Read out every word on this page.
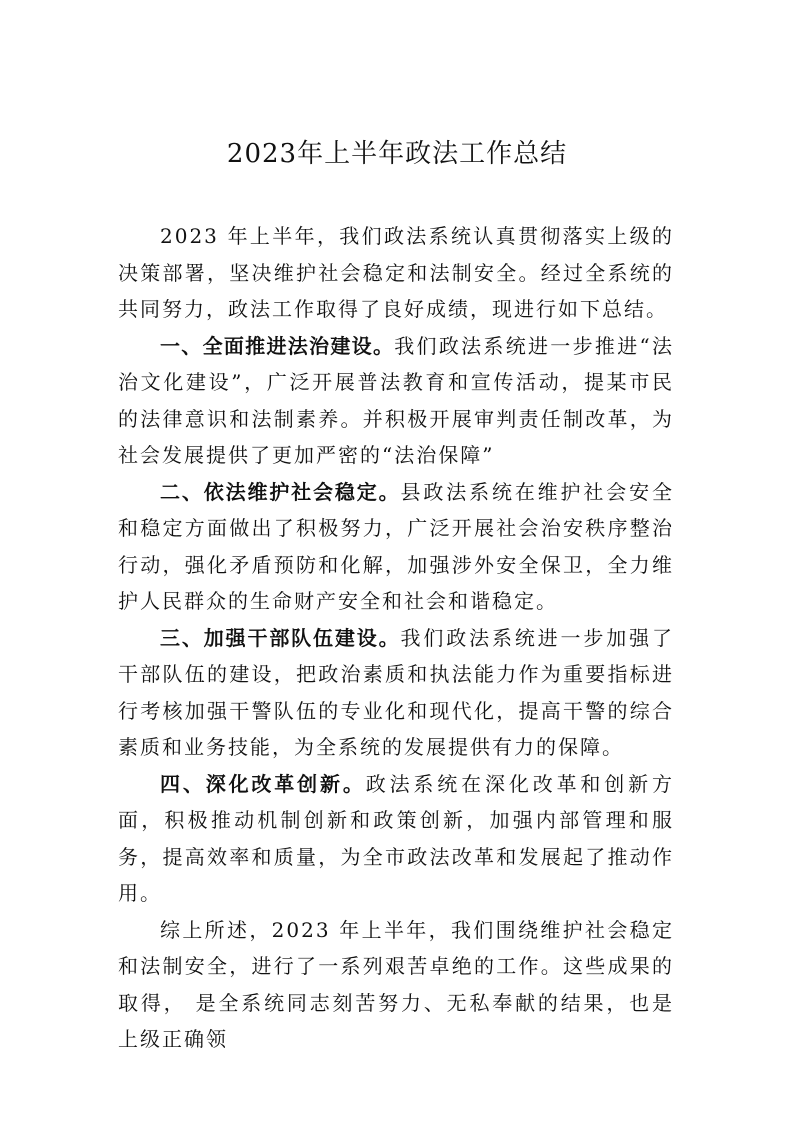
2023年上半年政法工作总结

2023 年上半年，我们政法系统认真贯彻落实上级的决策部署，坚决维护社会稳定和法制安全。经过全系统的共同努力，政法工作取得了良好成绩，现进行如下总结。

一、全面推进法治建设。我们政法系统进一步推进“法治文化建设”，广泛开展普法教育和宣传活动，提某市民的法律意识和法制素养。并积极开展审判责任制改革，为社会发展提供了更加严密的“法治保障”

二、依法维护社会稳定。县政法系统在维护社会安全和稳定方面做出了积极努力，广泛开展社会治安秩序整治行动，强化矛盾预防和化解，加强涉外安全保卫，全力维护人民群众的生命财产安全和社会和谐稳定。

三、加强干部队伍建设。我们政法系统进一步加强了干部队伍的建设，把政治素质和执法能力作为重要指标进行考核加强干警队伍的专业化和现代化，提高干警的综合素质和业务技能，为全系统的发展提供有力的保障。

四、深化改革创新。政法系统在深化改革和创新方面，积极推动机制创新和政策创新，加强内部管理和服务，提高效率和质量，为全市政法改革和发展起了推动作用。

综上所述，2023 年上半年，我们围绕维护社会稳定和法制安全，进行了一系列艰苦卓绝的工作。这些成果的取得， 是全系统同志刻苦努力、无私奉献的结果，也是上级正确领
